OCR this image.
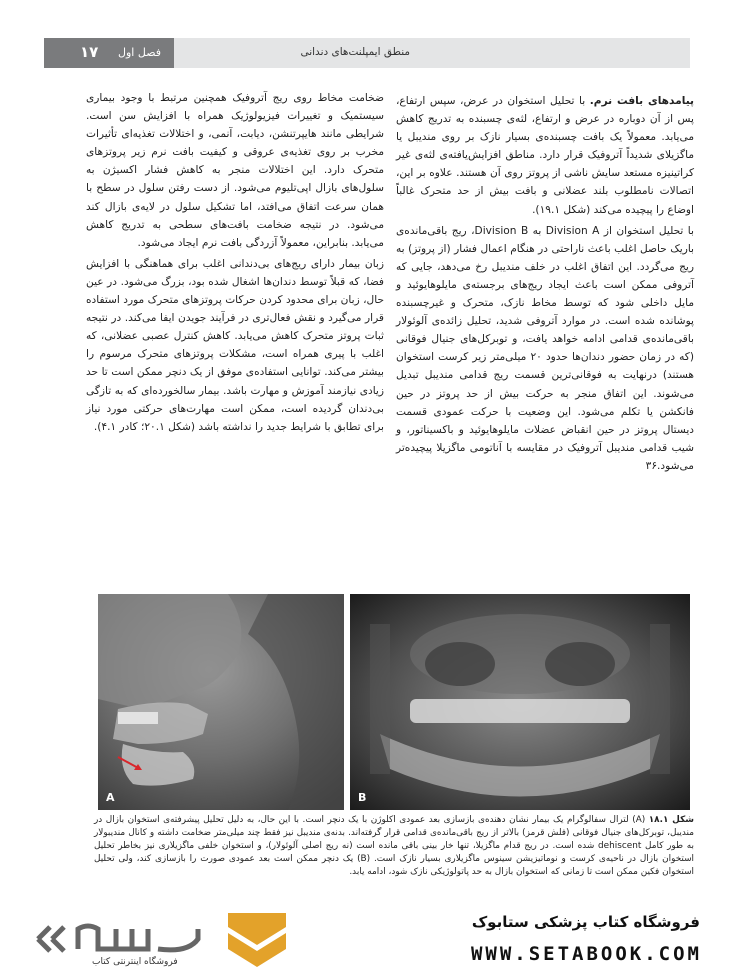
۱۷ فصل اول	منطق ایمپلنت‌های دندانی

پیامدهای بافت نرم. با تحلیل استخوان در عرض، سپس ارتفاع، پس از آن دوباره در عرض و ارتفاع، لثه‌ی چسبنده به تدریج کاهش می‌یابد. معمولاً یک بافت چسبنده‌ی بسیار نازک بر روی مندیبل یا ماگزیلای شدیداً آتروفیک قرار دارد. مناطق افزایش‌یافته‌ی لثه‌ی غیر کراتینیزه مستعد سایش ناشی از پروتز روی آن هستند. علاوه بر این، اتصالات نامطلوب بلند عضلانی و بافت بیش از حد متحرک غالباً اوضاع را پیچیده می‌کند (شکل ۱۹.۱).

با تحلیل استخوان از Division A به Division B، ریج باقی‌مانده‌ی باریک حاصل اغلب باعث ناراحتی در هنگام اعمال فشار (از پروتز) به ریج می‌گردد. این اتفاق اغلب در خلف مندیبل رخ می‌دهد، جایی که آتروفی ممکن است باعث ایجاد ریج‌های برجسته‌ی مایلوهایوئید و مایل داخلی شود که توسط مخاط نازک، متحرک و غیرچسبنده پوشانده شده است. در موارد آتروفی شدید، تحلیل زائده‌ی آلوئولار باقی‌مانده‌ی قدامی ادامه خواهد یافت، و توبرکل‌های جنیال فوقانی (که در زمان حضور دندان‌ها حدود ۲۰ میلی‌متر زیر کرست استخوان هستند) درنهایت به فوقانی‌ترین قسمت ریج قدامی مندیبل تبدیل می‌شوند. این اتفاق منجر به حرکت بیش از حد پروتز در حین فانکشن یا تکلم می‌شود. این وضعیت با حرکت عمودی قسمت دیستال پروتز در حین انقباض عضلات مایلوهایوئید و باکسیناتور، و شیب قدامی مندیبل آتروفیک در مقایسه با آناتومی ماگزیلا پیچیده‌تر می‌شود.۳۶

ضخامت مخاط روی ریج آتروفیک همچنین مرتبط با وجود بیماری سیستمیک و تغییرات فیزیولوژیک همراه با افزایش سن است. شرایطی مانند هایپرتنشن، دیابت، آنمی، و اختلالات تغذیه‌ای تأثیرات مخرب بر روی تغذیه‌ی عروقی و کیفیت بافت نرم زیر پروتزهای متحرک دارد. این اختلالات منجر به کاهش فشار اکسیژن به سلول‌های بازال اپی‌تلیوم می‌شود. از دست رفتن سلول در سطح با همان سرعت اتفاق می‌افتد، اما تشکیل سلول در لایه‌ی بازال کند می‌شود. در نتیجه ضخامت بافت‌های سطحی به تدریج کاهش می‌یابد. بنابراین، معمولاً آزردگی بافت نرم ایجاد می‌شود.

زبان بیمار دارای ریج‌های بی‌دندانی اغلب برای هماهنگی با افزایش فضا، که قبلاً توسط دندان‌ها اشغال شده بود، بزرگ می‌شود. در عین حال، زبان برای محدود کردن حرکات پروتزهای متحرک مورد استفاده قرار می‌گیرد و نقش فعال‌تری در فرآیند جویدن ایفا می‌کند. در نتیجه ثبات پروتز متحرک کاهش می‌یابد. کاهش کنترل عصبی عضلانی، که اغلب با پیری همراه است، مشکلات پروتزهای متحرک مرسوم را بیشتر می‌کند. توانایی استفاده‌ی موفق از یک دنچر ممکن است تا حد زیادی نیازمند آموزش و مهارت باشد. بیمار سالخورده‌ای که به تازگی بی‌دندان گردیده است، ممکن است مهارت‌های حرکتی مورد نیاز برای تطابق با شرایط جدید را نداشته باشد (شکل ۲۰.۱؛ کادر ۴.۱).

A	B
شکل ۱۸.۱ (A) لترال سفالوگرام یک بیمار نشان دهنده‌ی بازسازی بعد عمودی اکلوژن با یک دنچر است. با این حال، به دلیل تحلیل پیشرفته‌ی استخوان بازال در مندیبل، توبرکل‌های جنیال فوقانی (فلش قرمز) بالاتر از ریج باقی‌مانده‌ی قدامی قرار گرفته‌اند. بدنه‌ی مندیبل نیز فقط چند میلی‌متر ضخامت داشته و کانال مندیبولار به طور کامل dehiscent شده است. در ریج قدام ماگزیلا، تنها خار بینی باقی مانده است (نه ریج اصلی آلوئولار)، و استخوان خلفی ماگزیلاری نیز بخاطر تحلیل استخوان بازال در ناحیه‌ی کرست و نوماتیزیشن سینوس ماگزیلاری بسیار نازک است. (B) یک دنچر ممکن است بعد عمودی صورت را بازسازی کند، ولی تحلیل استخوان فکین ممکن است تا زمانی که استخوان بازال به حد پاتولوژیکی نازک شود، ادامه یابد.
فروشگاه اینترنتی کتاب
فروشگاه کتاب پزشکی ستابوک
WWW.SETABOOK.COM
